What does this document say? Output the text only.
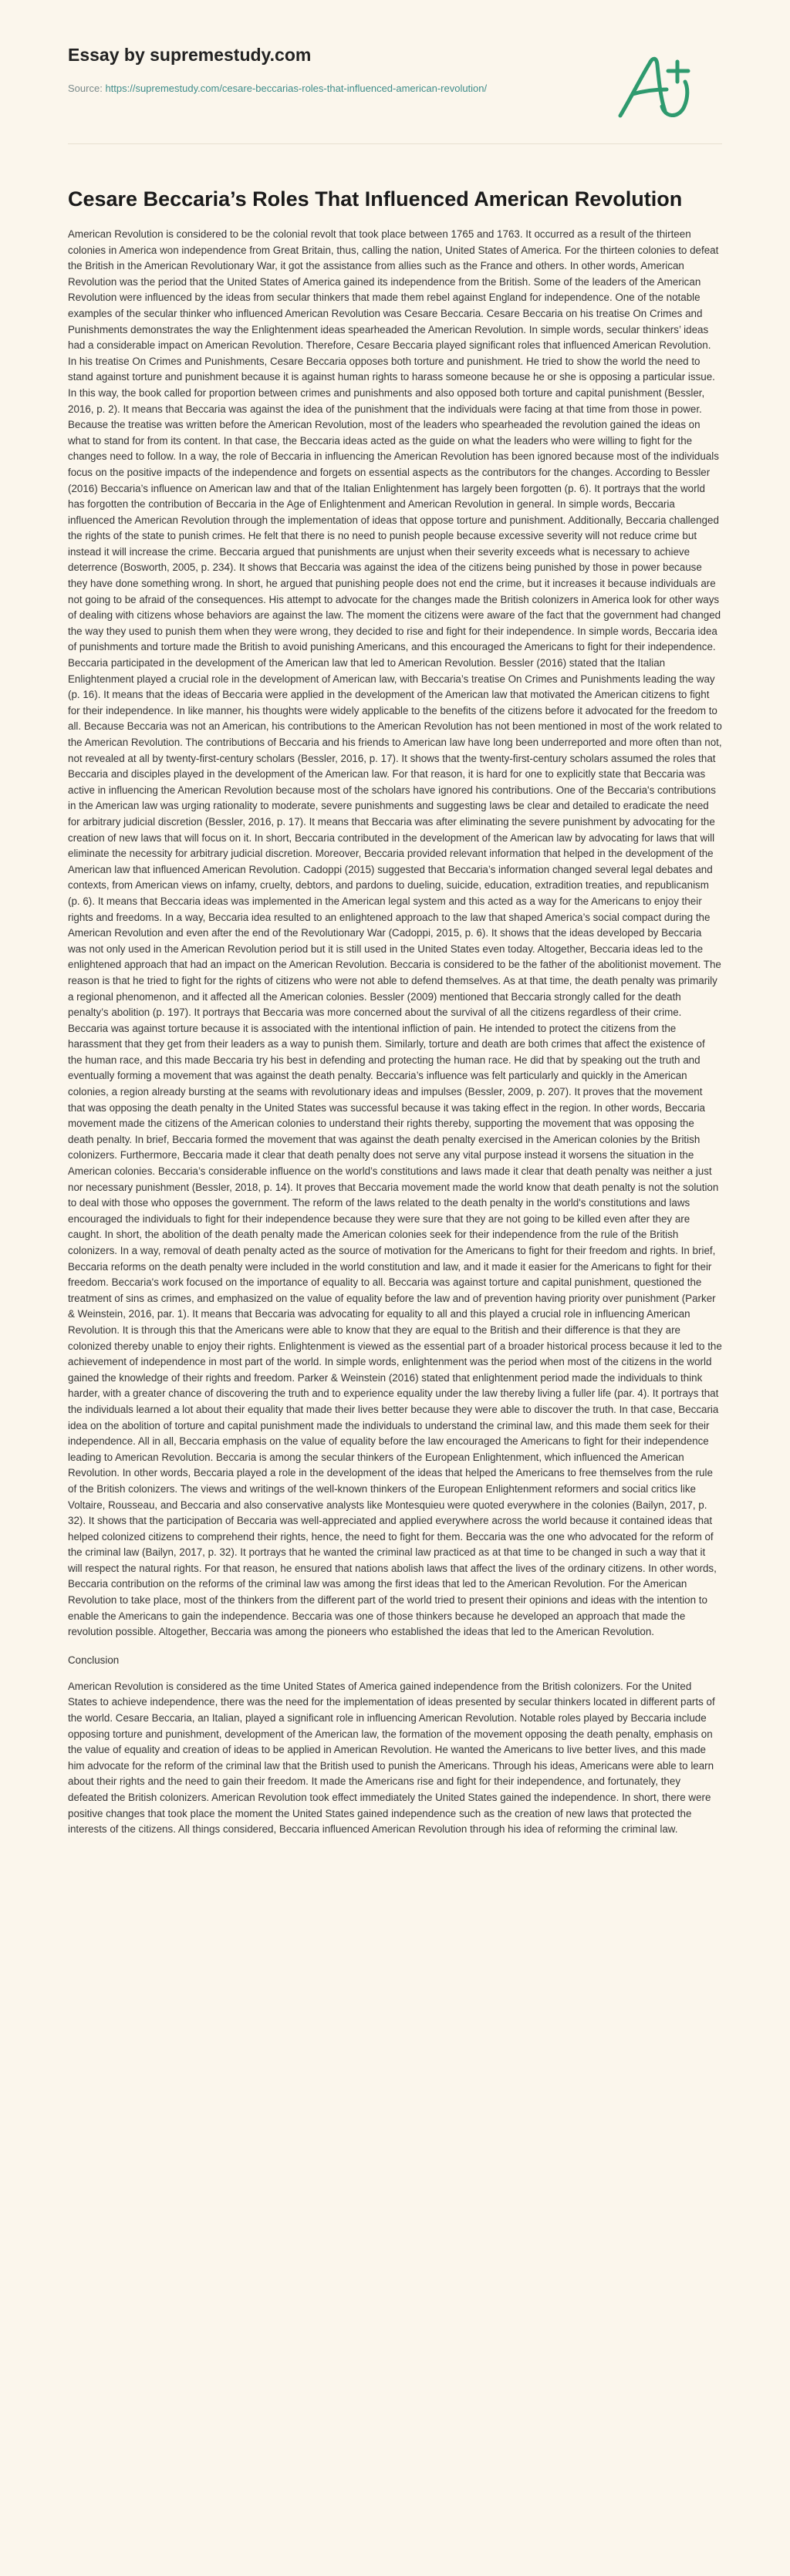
Essay by supremestudy.com
Source: https://supremestudy.com/cesare-beccarias-roles-that-influenced-american-revolution/
Cesare Beccaria’s Roles That Influenced American Revolution

American Revolution is considered to be the colonial revolt that took place between 1765 and 1763. It occurred as a result of the thirteen colonies in America won independence from Great Britain, thus, calling the nation, United States of America. For the thirteen colonies to defeat the British in the American Revolutionary War, it got the assistance from allies such as the France and others. In other words, American Revolution was the period that the United States of America gained its independence from the British. Some of the leaders of the American Revolution were influenced by the ideas from secular thinkers that made them rebel against England for independence. One of the notable examples of the secular thinker who influenced American Revolution was Cesare Beccaria. Cesare Beccaria on his treatise On Crimes and Punishments demonstrates the way the Enlightenment ideas spearheaded the American Revolution. In simple words, secular thinkers’ ideas had a considerable impact on American Revolution. Therefore, Cesare Beccaria played significant roles that influenced American Revolution. In his treatise On Crimes and Punishments, Cesare Beccaria opposes both torture and punishment. He tried to show the world the need to stand against torture and punishment because it is against human rights to harass someone because he or she is opposing a particular issue. In this way, the book called for proportion between crimes and punishments and also opposed both torture and capital punishment (Bessler, 2016, p. 2). It means that Beccaria was against the idea of the punishment that the individuals were facing at that time from those in power. Because the treatise was written before the American Revolution, most of the leaders who spearheaded the revolution gained the ideas on what to stand for from its content. In that case, the Beccaria ideas acted as the guide on what the leaders who were willing to fight for the changes need to follow. In a way, the role of Beccaria in influencing the American Revolution has been ignored because most of the individuals focus on the positive impacts of the independence and forgets on essential aspects as the contributors for the changes. According to Bessler (2016) Beccaria’s influence on American law and that of the Italian Enlightenment has largely been forgotten (p. 6). It portrays that the world has forgotten the contribution of Beccaria in the Age of Enlightenment and American Revolution in general. In simple words, Beccaria influenced the American Revolution through the implementation of ideas that oppose torture and punishment. Additionally, Beccaria challenged the rights of the state to punish crimes. He felt that there is no need to punish people because excessive severity will not reduce crime but instead it will increase the crime. Beccaria argued that punishments are unjust when their severity exceeds what is necessary to achieve deterrence (Bosworth, 2005, p. 234). It shows that Beccaria was against the idea of the citizens being punished by those in power because they have done something wrong. In short, he argued that punishing people does not end the crime, but it increases it because individuals are not going to be afraid of the consequences. His attempt to advocate for the changes made the British colonizers in America look for other ways of dealing with citizens whose behaviors are against the law. The moment the citizens were aware of the fact that the government had changed the way they used to punish them when they were wrong, they decided to rise and fight for their independence. In simple words, Beccaria idea of punishments and torture made the British to avoid punishing Americans, and this encouraged the Americans to fight for their independence. Beccaria participated in the development of the American law that led to American Revolution. Bessler (2016) stated that the Italian Enlightenment played a crucial role in the development of American law, with Beccaria’s treatise On Crimes and Punishments leading the way (p. 16). It means that the ideas of Beccaria were applied in the development of the American law that motivated the American citizens to fight for their independence. In like manner, his thoughts were widely applicable to the benefits of the citizens before it advocated for the freedom to all. Because Beccaria was not an American, his contributions to the American Revolution has not been mentioned in most of the work related to the American Revolution. The contributions of Beccaria and his friends to American law have long been underreported and more often than not, not revealed at all by twenty-first-century scholars (Bessler, 2016, p. 17). It shows that the twenty-first-century scholars assumed the roles that Beccaria and disciples played in the development of the American law. For that reason, it is hard for one to explicitly state that Beccaria was active in influencing the American Revolution because most of the scholars have ignored his contributions. One of the Beccaria's contributions in the American law was urging rationality to moderate, severe punishments and suggesting laws be clear and detailed to eradicate the need for arbitrary judicial discretion (Bessler, 2016, p. 17). It means that Beccaria was after eliminating the severe punishment by advocating for the creation of new laws that will focus on it. In short, Beccaria contributed in the development of the American law by advocating for laws that will eliminate the necessity for arbitrary judicial discretion. Moreover, Beccaria provided relevant information that helped in the development of the American law that influenced American Revolution. Cadoppi (2015) suggested that Beccaria’s information changed several legal debates and contexts, from American views on infamy, cruelty, debtors, and pardons to dueling, suicide, education, extradition treaties, and republicanism (p. 6). It means that Beccaria ideas was implemented in the American legal system and this acted as a way for the Americans to enjoy their rights and freedoms. In a way, Beccaria idea resulted to an enlightened approach to the law that shaped America’s social compact during the American Revolution and even after the end of the Revolutionary War (Cadoppi, 2015, p. 6). It shows that the ideas developed by Beccaria was not only used in the American Revolution period but it is still used in the United States even today. Altogether, Beccaria ideas led to the enlightened approach that had an impact on the American Revolution. Beccaria is considered to be the father of the abolitionist movement. The reason is that he tried to fight for the rights of citizens who were not able to defend themselves. As at that time, the death penalty was primarily a regional phenomenon, and it affected all the American colonies. Bessler (2009) mentioned that Beccaria strongly called for the death penalty’s abolition (p. 197). It portrays that Beccaria was more concerned about the survival of all the citizens regardless of their crime. Beccaria was against torture because it is associated with the intentional infliction of pain. He intended to protect the citizens from the harassment that they get from their leaders as a way to punish them. Similarly, torture and death are both crimes that affect the existence of the human race, and this made Beccaria try his best in defending and protecting the human race. He did that by speaking out the truth and eventually forming a movement that was against the death penalty. Beccaria’s influence was felt particularly and quickly in the American colonies, a region already bursting at the seams with revolutionary ideas and impulses (Bessler, 2009, p. 207). It proves that the movement that was opposing the death penalty in the United States was successful because it was taking effect in the region. In other words, Beccaria movement made the citizens of the American colonies to understand their rights thereby, supporting the movement that was opposing the death penalty. In brief, Beccaria formed the movement that was against the death penalty exercised in the American colonies by the British colonizers. Furthermore, Beccaria made it clear that death penalty does not serve any vital purpose instead it worsens the situation in the American colonies. Beccaria’s considerable influence on the world’s constitutions and laws made it clear that death penalty was neither a just nor necessary punishment (Bessler, 2018, p. 14). It proves that Beccaria movement made the world know that death penalty is not the solution to deal with those who opposes the government. The reform of the laws related to the death penalty in the world's constitutions and laws encouraged the individuals to fight for their independence because they were sure that they are not going to be killed even after they are caught. In short, the abolition of the death penalty made the American colonies seek for their independence from the rule of the British colonizers. In a way, removal of death penalty acted as the source of motivation for the Americans to fight for their freedom and rights. In brief, Beccaria reforms on the death penalty were included in the world constitution and law, and it made it easier for the Americans to fight for their freedom. Beccaria's work focused on the importance of equality to all. Beccaria was against torture and capital punishment, questioned the treatment of sins as crimes, and emphasized on the value of equality before the law and of prevention having priority over punishment (Parker & Weinstein, 2016, par. 1). It means that Beccaria was advocating for equality to all and this played a crucial role in influencing American Revolution. It is through this that the Americans were able to know that they are equal to the British and their difference is that they are colonized thereby unable to enjoy their rights. Enlightenment is viewed as the essential part of a broader historical process because it led to the achievement of independence in most part of the world. In simple words, enlightenment was the period when most of the citizens in the world gained the knowledge of their rights and freedom. Parker & Weinstein (2016) stated that enlightenment period made the individuals to think harder, with a greater chance of discovering the truth and to experience equality under the law thereby living a fuller life (par. 4). It portrays that the individuals learned a lot about their equality that made their lives better because they were able to discover the truth. In that case, Beccaria idea on the abolition of torture and capital punishment made the individuals to understand the criminal law, and this made them seek for their independence. All in all, Beccaria emphasis on the value of equality before the law encouraged the Americans to fight for their independence leading to American Revolution. Beccaria is among the secular thinkers of the European Enlightenment, which influenced the American Revolution. In other words, Beccaria played a role in the development of the ideas that helped the Americans to free themselves from the rule of the British colonizers. The views and writings of the well-known thinkers of the European Enlightenment reformers and social critics like Voltaire, Rousseau, and Beccaria and also conservative analysts like Montesquieu were quoted everywhere in the colonies (Bailyn, 2017, p. 32). It shows that the participation of Beccaria was well-appreciated and applied everywhere across the world because it contained ideas that helped colonized citizens to comprehend their rights, hence, the need to fight for them. Beccaria was the one who advocated for the reform of the criminal law (Bailyn, 2017, p. 32). It portrays that he wanted the criminal law practiced as at that time to be changed in such a way that it will respect the natural rights. For that reason, he ensured that nations abolish laws that affect the lives of the ordinary citizens. In other words, Beccaria contribution on the reforms of the criminal law was among the first ideas that led to the American Revolution. For the American Revolution to take place, most of the thinkers from the different part of the world tried to present their opinions and ideas with the intention to enable the Americans to gain the independence. Beccaria was one of those thinkers because he developed an approach that made the revolution possible. Altogether, Beccaria was among the pioneers who established the ideas that led to the American Revolution.

Conclusion

American Revolution is considered as the time United States of America gained independence from the British colonizers. For the United States to achieve independence, there was the need for the implementation of ideas presented by secular thinkers located in different parts of the world. Cesare Beccaria, an Italian, played a significant role in influencing American Revolution. Notable roles played by Beccaria include opposing torture and punishment, development of the American law, the formation of the movement opposing the death penalty, emphasis on the value of equality and creation of ideas to be applied in American Revolution. He wanted the Americans to live better lives, and this made him advocate for the reform of the criminal law that the British used to punish the Americans. Through his ideas, Americans were able to learn about their rights and the need to gain their freedom. It made the Americans rise and fight for their independence, and fortunately, they defeated the British colonizers. American Revolution took effect immediately the United States gained the independence. In short, there were positive changes that took place the moment the United States gained independence such as the creation of new laws that protected the interests of the citizens. All things considered, Beccaria influenced American Revolution through his idea of reforming the criminal law.
